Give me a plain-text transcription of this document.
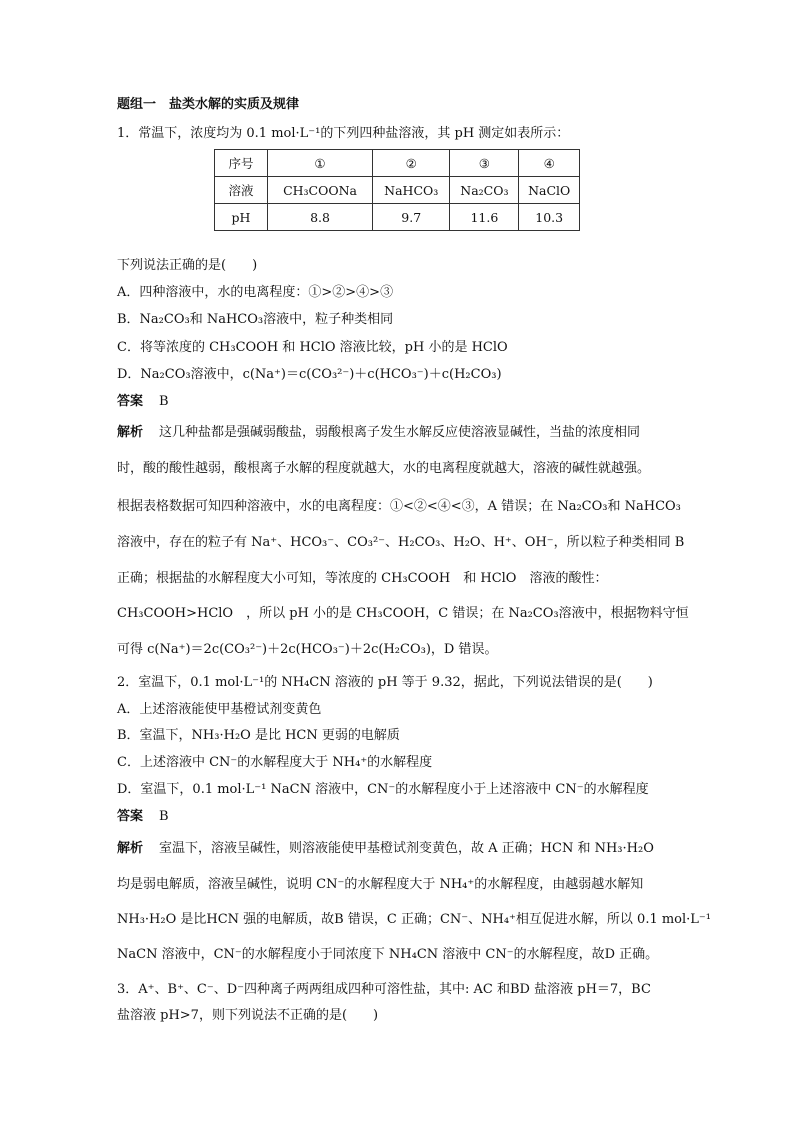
题组一　盐类水解的实质及规律
1．常温下，浓度均为 0.1 mol·L⁻¹的下列四种盐溶液，其 pH 测定如表所示：
序号	①	②	③	④
溶液	CH₃COONa	NaHCO₃	Na₂CO₃	NaClO
pH	8.8	9.7	11.6	10.3
下列说法正确的是(　　)
A．四种溶液中，水的电离程度：①>②>④>③
B．Na₂CO₃和 NaHCO₃溶液中，粒子种类相同
C．将等浓度的 CH₃COOH 和 HClO 溶液比较，pH 小的是 HClO
D．Na₂CO₃溶液中，c(Na⁺)＝c(CO₃²⁻)＋c(HCO₃⁻)＋c(H₂CO₃)
答案 B
解析 这几种盐都是强碱弱酸盐，弱酸根离子发生水解反应使溶液显碱性，当盐的浓度相同
时，酸的酸性越弱，酸根离子水解的程度就越大，水的电离程度就越大，溶液的碱性就越强。
根据表格数据可知四种溶液中，水的电离程度：①<②<④<③，A 错误；在 Na₂CO₃和 NaHCO₃
溶液中，存在的粒子有 Na⁺、HCO₃⁻、CO₃²⁻、H₂CO₃、H₂O、H⁺、OH⁻，所以粒子种类相同 B
正确；根据盐的水解程度大小可知，等浓度的 CH₃COOH　和 HClO　溶液的酸性：
CH₃COOH>HClO　，所以 pH 小的是 CH₃COOH，C 错误；在 Na₂CO₃溶液中，根据物料守恒
可得 c(Na⁺)＝2c(CO₃²⁻)＋2c(HCO₃⁻)＋2c(H₂CO₃)，D 错误。
2．室温下，0.1 mol·L⁻¹的 NH₄CN 溶液的 pH 等于 9.32，据此，下列说法错误的是(　　)
A．上述溶液能使甲基橙试剂变黄色
B．室温下，NH₃·H₂O 是比 HCN 更弱的电解质
C．上述溶液中 CN⁻的水解程度大于 NH₄⁺的水解程度
D．室温下，0.1 mol·L⁻¹ NaCN 溶液中，CN⁻的水解程度小于上述溶液中 CN⁻的水解程度
答案 B
解析 室温下，溶液呈碱性，则溶液能使甲基橙试剂变黄色，故 A 正确；HCN 和 NH₃·H₂O
均是弱电解质，溶液呈碱性，说明 CN⁻的水解程度大于 NH₄⁺的水解程度，由越弱越水解知
NH₃·H₂O 是比HCN 强的电解质，故B 错误，C 正确；CN⁻、NH₄⁺相互促进水解，所以 0.1 mol·L⁻¹
NaCN 溶液中，CN⁻的水解程度小于同浓度下 NH₄CN 溶液中 CN⁻的水解程度，故D 正确。
3．A⁺、B⁺、C⁻、D⁻四种离子两两组成四种可溶性盐，其中: AC 和BD 盐溶液 pH＝7，BC
盐溶液 pH>7，则下列说法不正确的是(　　)
